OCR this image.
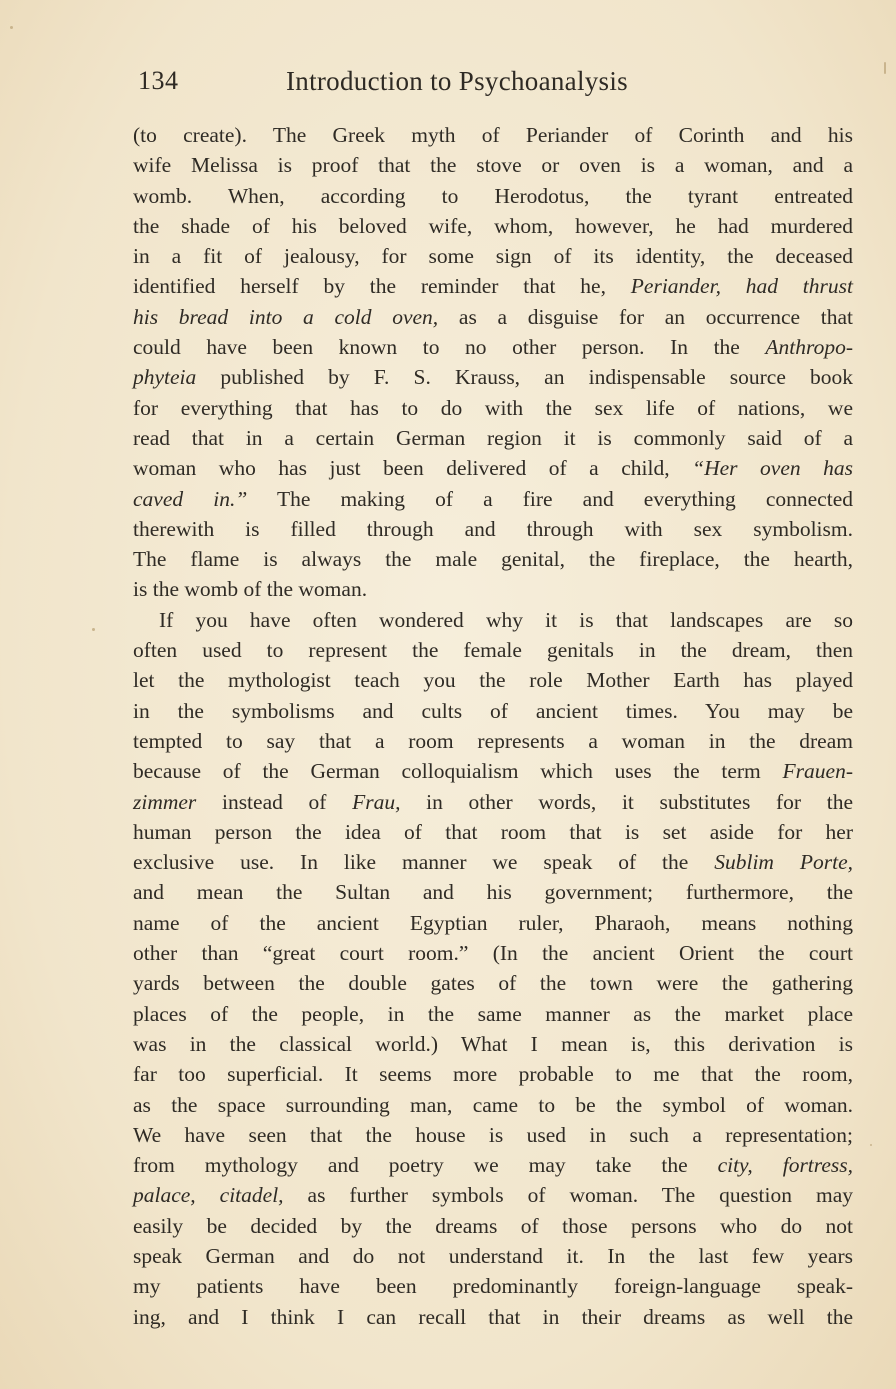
134	Introduction to Psychoanalysis
(to create). The Greek myth of Periander of Corinth and his
wife Melissa is proof that the stove or oven is a woman, and a
womb. When, according to Herodotus, the tyrant entreated
the shade of his beloved wife, whom, however, he had murdered
in a fit of jealousy, for some sign of its identity, the deceased
identified herself by the reminder that he, Periander, had thrust
his bread into a cold oven, as a disguise for an occurrence that
could have been known to no other person. In the Anthropo-
phyteia published by F. S. Krauss, an indispensable source book
for everything that has to do with the sex life of nations, we
read that in a certain German region it is commonly said of a
woman who has just been delivered of a child, “Her oven has
caved in.” The making of a fire and everything connected
therewith is filled through and through with sex symbolism.
The flame is always the male genital, the fireplace, the hearth,
is the womb of the woman.
If you have often wondered why it is that landscapes are so
often used to represent the female genitals in the dream, then
let the mythologist teach you the role Mother Earth has played
in the symbolisms and cults of ancient times. You may be
tempted to say that a room represents a woman in the dream
because of the German colloquialism which uses the term Frauen-
zimmer instead of Frau, in other words, it substitutes for the
human person the idea of that room that is set aside for her
exclusive use. In like manner we speak of the Sublim Porte,
and mean the Sultan and his government; furthermore, the
name of the ancient Egyptian ruler, Pharaoh, means nothing
other than “great court room.” (In the ancient Orient the court
yards between the double gates of the town were the gathering
places of the people, in the same manner as the market place
was in the classical world.) What I mean is, this derivation is
far too superficial. It seems more probable to me that the room,
as the space surrounding man, came to be the symbol of woman.
We have seen that the house is used in such a representation;
from mythology and poetry we may take the city, fortress,
palace, citadel, as further symbols of woman. The question may
easily be decided by the dreams of those persons who do not
speak German and do not understand it. In the last few years
my patients have been predominantly foreign-language speak-
ing, and I think I can recall that in their dreams as well the
